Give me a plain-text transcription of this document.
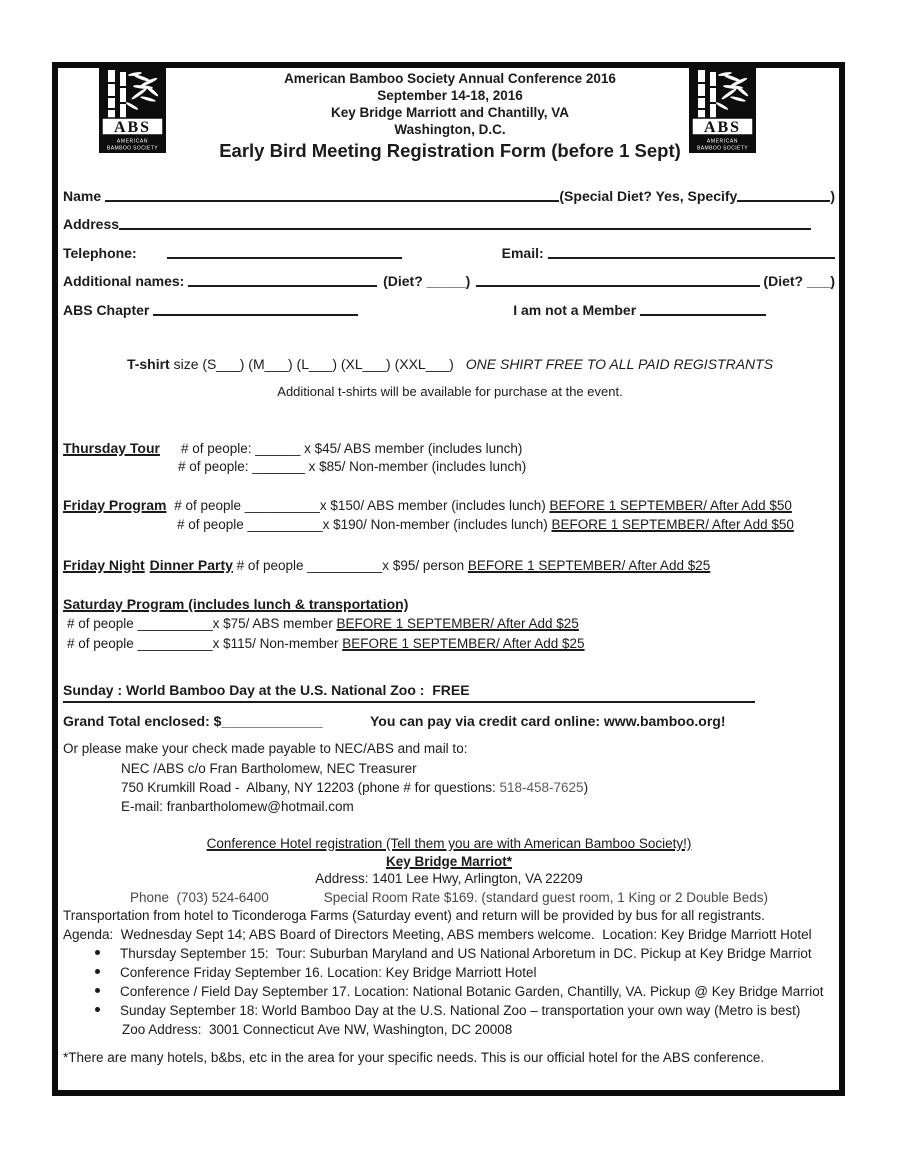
ABS
AMERICAN
BAMBOO SOCIETY
ABS
AMERICAN
BAMBOO SOCIETY
American Bamboo Society Annual Conference 2016
September 14-18, 2016
Key Bridge Marriott and Chantilly, VA
Washington, D.C.
Early Bird Meeting Registration Form (before 1 Sept)
Name	(Special Diet? Yes, Specify	)
Address
Telephone:	Email:
Additional names:	(Diet? _____)	(Diet? ___)
ABS Chapter	I am not a Member
T-shirt size (S___) (M___) (L___) (XL___) (XXL___) ONE SHIRT FREE TO ALL PAID REGISTRANTS
Additional t-shirts will be available for purchase at the event.
Thursday Tour # of people: ______ x $45/ ABS member (includes lunch)
# of people: _______ x $85/ Non-member (includes lunch)
Friday Program # of people __________x $150/ ABS member (includes lunch) BEFORE 1 SEPTEMBER/ After Add $50
# of people __________x $190/ Non-member (includes lunch) BEFORE 1 SEPTEMBER/ After Add $50
Friday Night Dinner Party # of people __________x $95/ person BEFORE 1 SEPTEMBER/ After Add $25
Saturday Program (includes lunch & transportation)
# of people __________x $75/ ABS member BEFORE 1 SEPTEMBER/ After Add $25
# of people __________x $115/ Non-member BEFORE 1 SEPTEMBER/ After Add $25
Sunday : World Bamboo Day at the U.S. National Zoo :  FREE
Grand Total enclosed: $_____________	You can pay via credit card online: www.bamboo.org!
Or please make your check made payable to NEC/ABS and mail to:
NEC /ABS c/o Fran Bartholomew, NEC Treasurer
750 Krumkill Road -  Albany, NY 12203 (phone # for questions: 518-458-7625)
E-mail: franbartholomew@hotmail.com
Conference Hotel registration (Tell them you are with American Bamboo Society!)
Key Bridge Marriot*
Address: 1401 Lee Hwy, Arlington, VA 22209
Phone  (703) 524-6400	Special Room Rate $169. (standard guest room, 1 King or 2 Double Beds)
Transportation from hotel to Ticonderoga Farms (Saturday event) and return will be provided by bus for all registrants.
Agenda:  Wednesday Sept 14; ABS Board of Directors Meeting, ABS members welcome.  Location: Key Bridge Marriott Hotel
Thursday September 15:  Tour: Suburban Maryland and US National Arboretum in DC. Pickup at Key Bridge Marriot
Conference Friday September 16. Location: Key Bridge Marriott Hotel
Conference / Field Day September 17. Location: National Botanic Garden, Chantilly, VA. Pickup @ Key Bridge Marriot
Sunday September 18: World Bamboo Day at the U.S. National Zoo – transportation your own way (Metro is best)
Zoo Address:  3001 Connecticut Ave NW, Washington, DC 20008
*There are many hotels, b&bs, etc in the area for your specific needs. This is our official hotel for the ABS conference.
